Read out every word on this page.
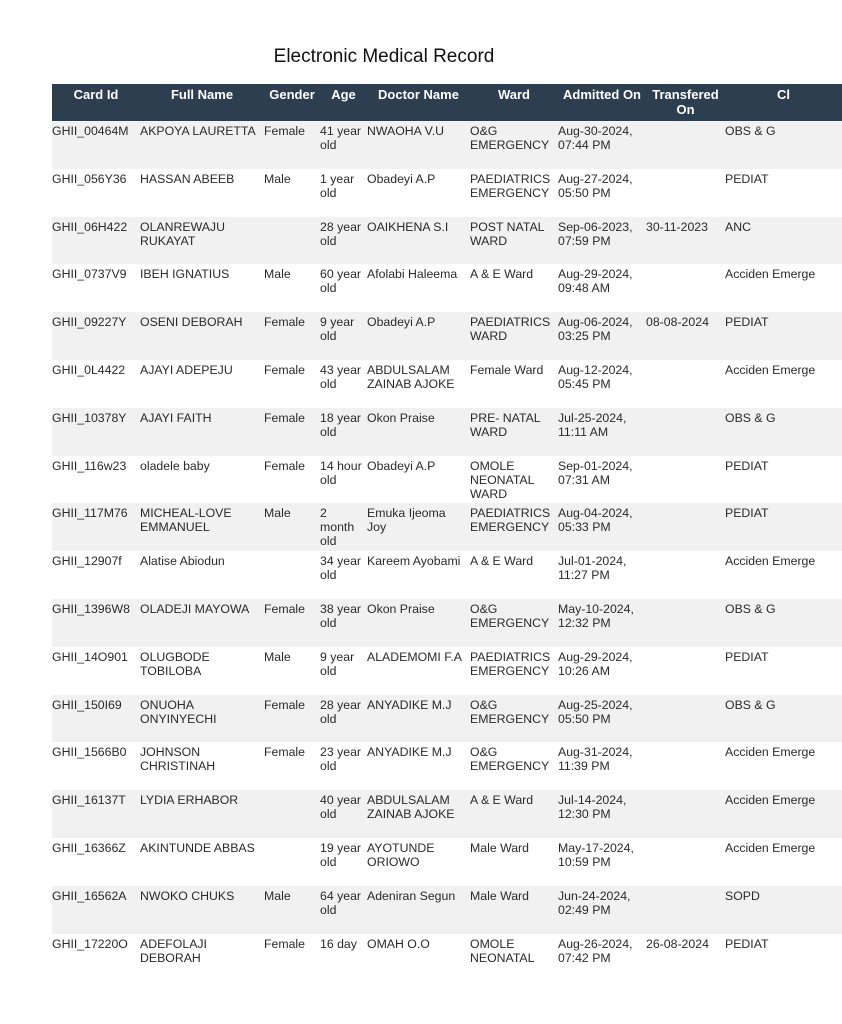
Electronic Medical Record
Card Id	Full Name	Gender	Age	Doctor Name	Ward	Admitted On	Transfered On	Cl
GHII_00464M	AKPOYA LAURETTA	Female	41 year old	NWAOHA V.U	O&G EMERGENCY	Aug-30-2024, 07:44 PM		OBS & G
GHII_056Y36	HASSAN ABEEB	Male	1 year old	Obadeyi A.P	PAEDIATRICS EMERGENCY	Aug-27-2024, 05:50 PM		PEDIAT
GHII_06H422	OLANREWAJU RUKAYAT		28 year old	OAIKHENA S.I	POST NATAL WARD	Sep-06-2023, 07:59 PM	30-11-2023	ANC
GHII_0737V9	IBEH IGNATIUS	Male	60 year old	Afolabi Haleema	A & E Ward	Aug-29-2024, 09:48 AM		Acciden Emerge
GHII_09227Y	OSENI DEBORAH	Female	9 year old	Obadeyi A.P	PAEDIATRICS WARD	Aug-06-2024, 03:25 PM	08-08-2024	PEDIAT
GHII_0L4422	AJAYI ADEPEJU	Female	43 year old	ABDULSALAM ZAINAB AJOKE	Female Ward	Aug-12-2024, 05:45 PM		Acciden Emerge
GHII_10378Y	AJAYI FAITH	Female	18 year old	Okon Praise	PRE- NATAL WARD	Jul-25-2024, 11:11 AM		OBS & G
GHII_116w23	oladele baby	Female	14 hour old	Obadeyi A.P	OMOLE NEONATAL WARD	Sep-01-2024, 07:31 AM		PEDIAT
GHII_117M76	MICHEAL-LOVE EMMANUEL	Male	2 month old	Emuka Ijeoma Joy	PAEDIATRICS EMERGENCY	Aug-04-2024, 05:33 PM		PEDIAT
GHII_12907f	Alatise Abiodun		34 year old	Kareem Ayobami	A & E Ward	Jul-01-2024, 11:27 PM		Acciden Emerge
GHII_1396W8	OLADEJI MAYOWA	Female	38 year old	Okon Praise	O&G EMERGENCY	May-10-2024, 12:32 PM		OBS & G
GHII_14O901	OLUGBODE TOBILOBA	Male	9 year old	ALADEMOMI F.A	PAEDIATRICS EMERGENCY	Aug-29-2024, 10:26 AM		PEDIAT
GHII_150I69	ONUOHA ONYINYECHI	Female	28 year old	ANYADIKE M.J	O&G EMERGENCY	Aug-25-2024, 05:50 PM		OBS & G
GHII_1566B0	JOHNSON CHRISTINAH	Female	23 year old	ANYADIKE M.J	O&G EMERGENCY	Aug-31-2024, 11:39 PM		Acciden Emerge
GHII_16137T	LYDIA ERHABOR		40 year old	ABDULSALAM ZAINAB AJOKE	A & E Ward	Jul-14-2024, 12:30 PM		Acciden Emerge
GHII_16366Z	AKINTUNDE ABBAS		19 year old	AYOTUNDE ORIOWO	Male Ward	May-17-2024, 10:59 PM		Acciden Emerge
GHII_16562A	NWOKO CHUKS	Male	64 year old	Adeniran Segun	Male Ward	Jun-24-2024, 02:49 PM		SOPD
GHII_17220O	ADEFOLAJI DEBORAH	Female	16 day	OMAH O.O	OMOLE NEONATAL	Aug-26-2024, 07:42 PM	26-08-2024	PEDIAT
